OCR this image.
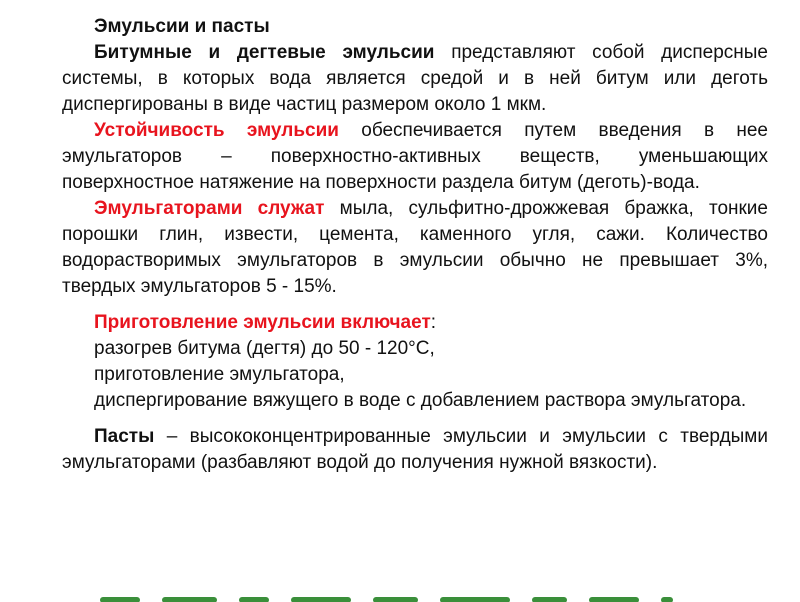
Эмульсии и пасты

Битумные и дегтевые эмульсии представляют собой дисперсные системы, в которых вода является средой и в ней битум или деготь диспергированы в виде частиц размером около 1 мкм.

Устойчивость эмульсии обеспечивается путем введения в нее эмульгаторов – поверхностно-активных веществ, уменьшающих поверхностное натяжение на поверхности раздела битум (деготь)-вода.

Эмульгаторами служат мыла, сульфитно-дрожжевая бражка, тонкие порошки глин, извести, цемента, каменного угля, сажи. Количество водорастворимых эмульгаторов в эмульсии обычно не превышает 3%, твердых эмульгаторов 5 - 15%.

Приготовление эмульсии включает:

разогрев битума (дегтя) до 50 - 120°С,

приготовление эмульгатора,

диспергирование вяжущего в воде с добавлением раствора эмульгатора.

Пасты – высококонцентрированные эмульсии и эмульсии с твердыми эмульгаторами (разбавляют водой до получения нужной вязкости).
